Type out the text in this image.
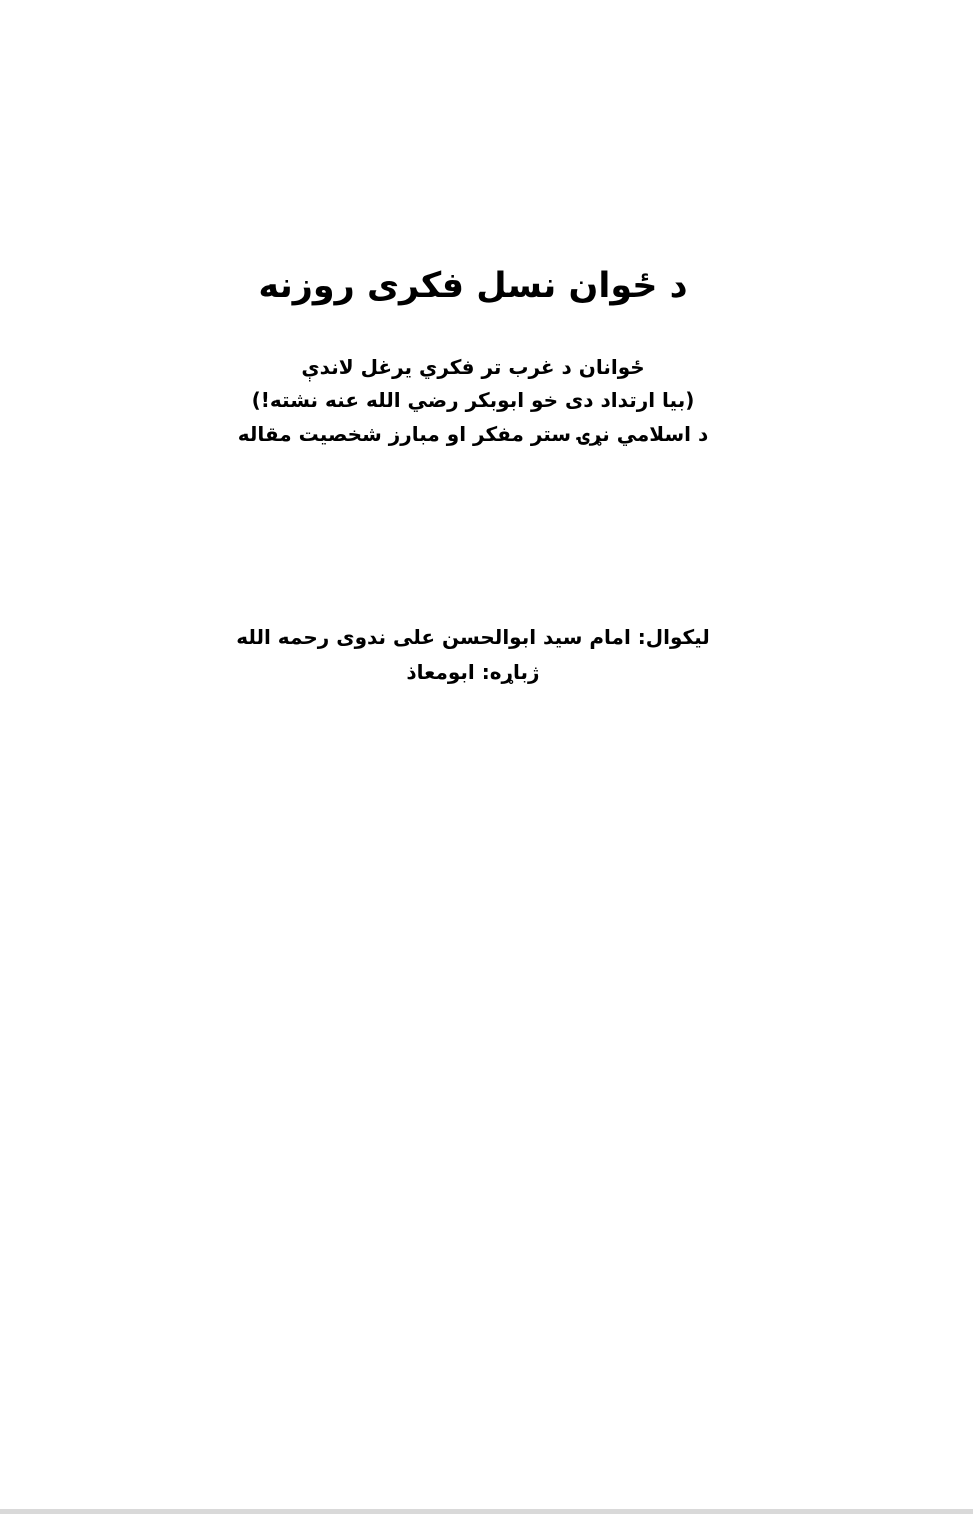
د ځوان نسل فکری روزنه
ځوانان د غرب تر فکري يرغل لاندې
(بيا ارتداد دی خو ابوبکر رضي الله عنه نشته!)
د اسلامي نړۍ ستر مفکر او مبارز شخصيت مقاله
ليکوال: امام سيد ابوالحسن على ندوی رحمه الله
ژباړه: ابومعاذ
